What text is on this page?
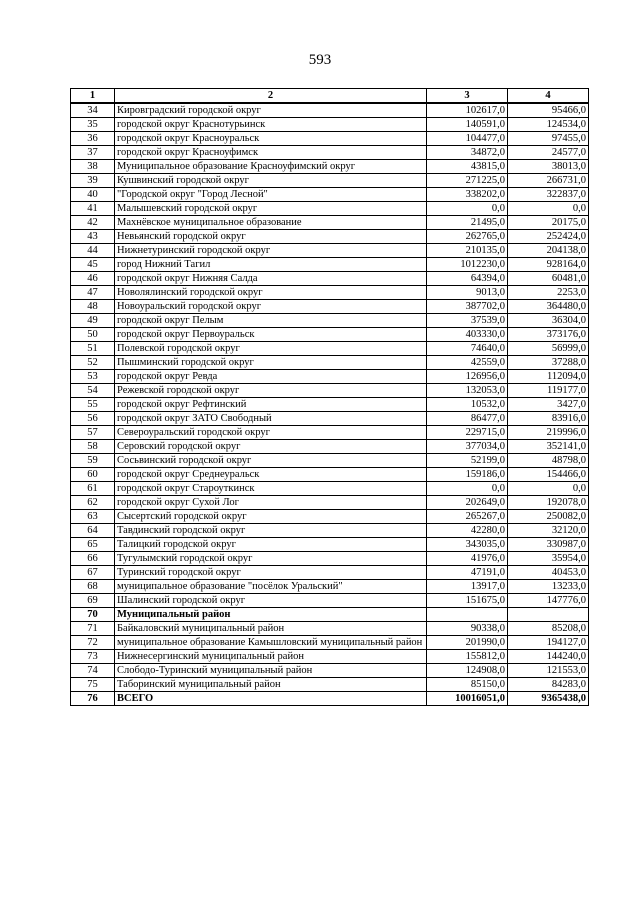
593
1	2	3	4
34	Кировградский городской округ	102617,0	95466,0
35	городской округ Краснотурьинск	140591,0	124534,0
36	городской округ Красноуральск	104477,0	97455,0
37	городской округ Красноуфимск	34872,0	24577,0
38	Муниципальное образование Красноуфимский округ	43815,0	38013,0
39	Кушвинский городской округ	271225,0	266731,0
40	"Городской округ "Город Лесной"	338202,0	322837,0
41	Малышевский городской округ	0,0	0,0
42	Махнёвское муниципальное образование	21495,0	20175,0
43	Невьянский городской округ	262765,0	252424,0
44	Нижнетуринский городской округ	210135,0	204138,0
45	город Нижний Тагил	1012230,0	928164,0
46	городской округ Нижняя Салда	64394,0	60481,0
47	Новолялинский городской округ	9013,0	2253,0
48	Новоуральский городской округ	387702,0	364480,0
49	городской округ Пелым	37539,0	36304,0
50	городской округ Первоуральск	403330,0	373176,0
51	Полевской городской округ	74640,0	56999,0
52	Пышминский городской округ	42559,0	37288,0
53	городской округ Ревда	126956,0	112094,0
54	Режевской городской округ	132053,0	119177,0
55	городской округ Рефтинский	10532,0	3427,0
56	городской округ ЗАТО Свободный	86477,0	83916,0
57	Североуральский городской округ	229715,0	219996,0
58	Серовский городской округ	377034,0	352141,0
59	Сосьвинский городской округ	52199,0	48798,0
60	городской округ Среднеуральск	159186,0	154466,0
61	городской округ Староуткинск	0,0	0,0
62	городской округ Сухой Лог	202649,0	192078,0
63	Сысертский городской округ	265267,0	250082,0
64	Тавдинский городской округ	42280,0	32120,0
65	Талицкий городской округ	343035,0	330987,0
66	Тугулымский городской округ	41976,0	35954,0
67	Туринский городской округ	47191,0	40453,0
68	муниципальное образование "посёлок Уральский"	13917,0	13233,0
69	Шалинский городской округ	151675,0	147776,0
70	Муниципальный район		
71	Байкаловский муниципальный район	90338,0	85208,0
72	муниципальное образование Камышловский муниципальный район	201990,0	194127,0
73	Нижнесергинский муниципальный район	155812,0	144240,0
74	Слободо-Туринский муниципальный район	124908,0	121553,0
75	Таборинский муниципальный район	85150,0	84283,0
76	ВСЕГО	10016051,0	9365438,0
